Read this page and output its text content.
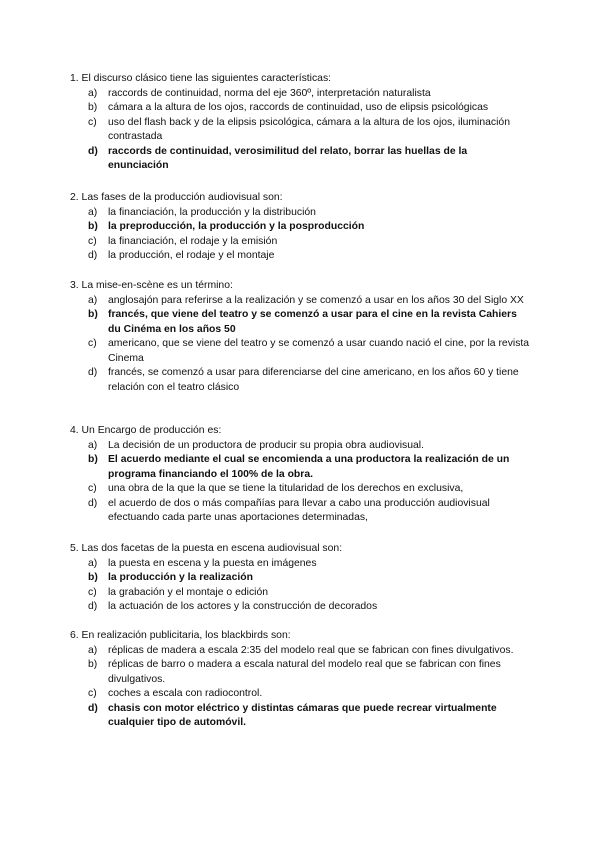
1. El discurso clásico tiene las siguientes características:
a) raccords de continuidad, norma del eje 360º, interpretación naturalista
b) cámara a la altura de los ojos, raccords de continuidad, uso de elipsis psicológicas
c) uso del flash back y de la elipsis psicológica, cámara a la altura de los ojos, iluminación contrastada
d) raccords de continuidad, verosimilitud del relato, borrar las huellas de la enunciación
2. Las fases de la producción audiovisual son:
a) la financiación, la producción y la distribución
b) la preproducción, la producción y la posproducción
c) la financiación, el rodaje y la emisión
d) la producción, el rodaje y el montaje
3. La mise-en-scène es un término:
a) anglosajón para referirse a la realización y se comenzó a usar en los años 30 del Siglo XX
b) francés, que viene del teatro y se comenzó a usar para el cine en la revista Cahiers du Cinéma en los años 50
c) americano, que se viene del teatro y se comenzó a usar cuando nació el cine, por la revista Cinema
d) francés, se comenzó a usar para diferenciarse del cine americano, en los años 60 y tiene relación con el teatro clásico
4. Un Encargo de producción es:
a) La decisión de un productora de producir su propia obra audiovisual.
b) El acuerdo mediante el cual se encomienda a una productora la realización de un programa financiando el 100% de la obra.
c) una obra de la que la que se tiene la titularidad de los derechos en exclusiva,
d) el acuerdo de dos o más compañías para llevar a cabo una producción audiovisual efectuando cada parte unas aportaciones determinadas,
5. Las dos facetas de la puesta en escena audiovisual son:
a) la puesta en escena y la puesta en imágenes
b) la producción y la realización
c) la grabación y el montaje o edición
d) la actuación de los actores y la construcción de decorados
6. En realización publicitaria, los blackbirds son:
a) réplicas de madera a escala 2:35 del modelo real que se fabrican con fines divulgativos.
b) réplicas de barro o madera a escala natural del modelo real que se fabrican con fines divulgativos.
c) coches a escala con radiocontrol.
d) chasis con motor eléctrico y distintas cámaras que puede recrear virtualmente cualquier tipo de automóvil.
